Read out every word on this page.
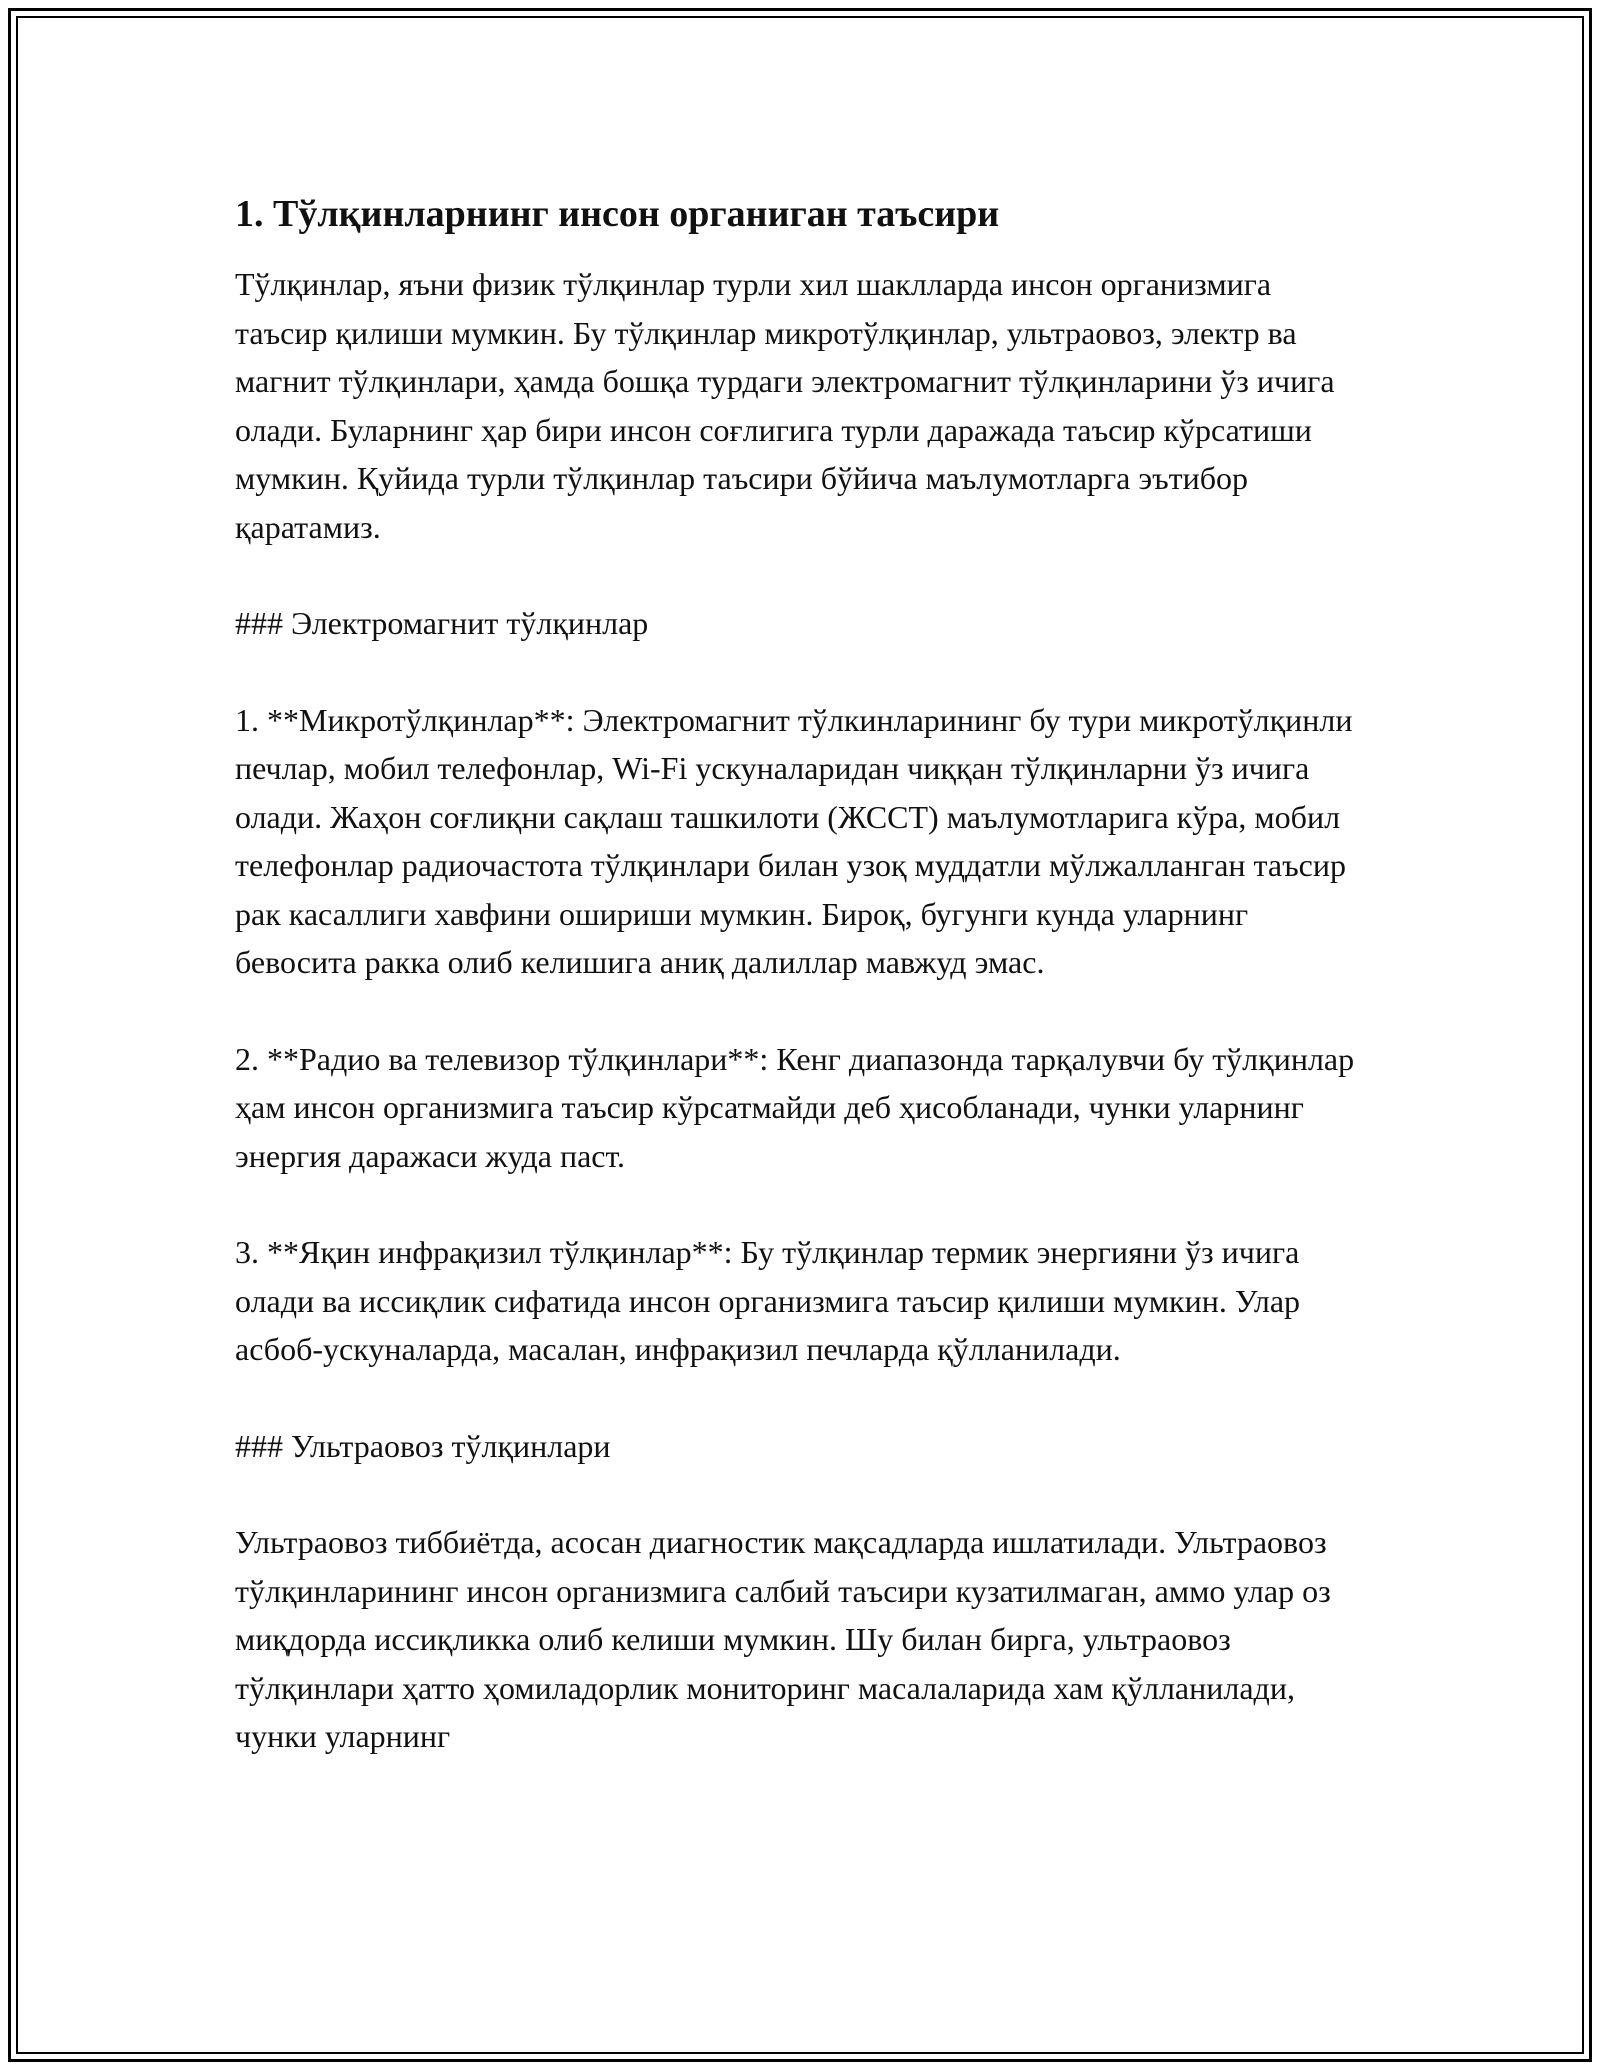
1. Тўлқинларнинг инсон органиган таъсири

Тўлқинлар, яъни физик тўлқинлар турли хил шаклларда инсон организмига таъсир қилиши мумкин. Бу тўлқинлар микротўлқинлар, ультраовоз, электр ва магнит тўлқинлари, ҳамда бошқа турдаги электромагнит тўлқинларини ўз ичига олади. Буларнинг ҳар бири инсон соғлигига турли даражада таъсир кўрсатиши мумкин. Қуйида турли тўлқинлар таъсири бўйича маълумотларга эътибор қаратамиз.

### Электромагнит тўлқинлар

1. **Микротўлқинлар**: Электромагнит тўлкинларининг бу тури микротўлқинли печлар, мобил телефонлар, Wi-Fi ускуналаридан чиққан тўлқинларни ўз ичига олади. Жаҳон соғлиқни сақлаш ташкилоти (ЖССТ) маълумотларига кўра, мобил телефонлар радиочастота тўлқинлари билан узоқ муддатли мўлжалланган таъсир рак касаллиги хавфини ошириши мумкин. Бироқ, бугунги кунда уларнинг бевосита ракка олиб келишига аниқ далиллар мавжуд эмас.

2. **Радио ва телевизор тўлқинлари**: Кенг диапазонда тарқалувчи бу тўлқинлар ҳам инсон организмига таъсир кўрсатмайди деб ҳисобланади, чунки уларнинг энергия даражаси жуда паст.

3. **Яқин инфрақизил тўлқинлар**: Бу тўлқинлар термик энергияни ўз ичига олади ва иссиқлик сифатида инсон организмига таъсир қилиши мумкин. Улар асбоб-ускуналарда, масалан, инфрақизил печларда қўлланилади.

### Ультраовоз тўлқинлари

Ультраовоз тиббиётда, асосан диагностик мақсадларда ишлатилади. Ультраовоз тўлқинларининг инсон организмига салбий таъсири кузатилмаган, аммо улар оз миқдорда иссиқликка олиб келиши мумкин. Шу билан бирга, ультраовоз тўлқинлари ҳатто ҳомиладорлик мониторинг масалаларида хам қўлланилади, чунки уларнинг
